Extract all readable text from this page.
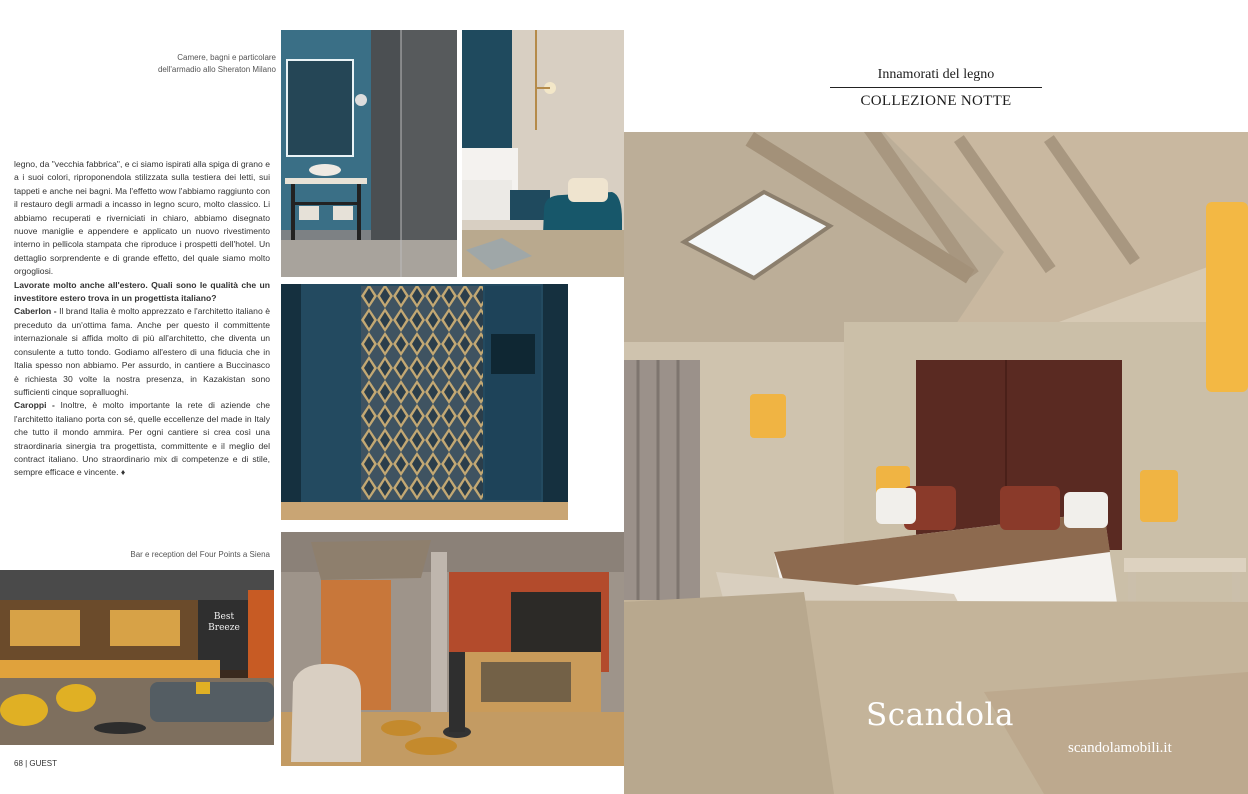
Camere, bagni e particolare
dell'armadio allo Sheraton Milano

legno, da "vecchia fabbrica", e ci siamo ispirati alla spiga di grano e a i suoi colori, riproponendola stilizzata sulla testiera dei letti, sui tappeti e anche nei bagni. Ma l'effetto wow l'abbiamo raggiunto con il restauro degli armadi a incasso in legno scuro, molto classico. Li abbiamo recuperati e riverniciati in chiaro, abbiamo disegnato nuove maniglie e appendere e applicato un nuovo rivestimento interno in pellicola stampata che riproduce i prospetti dell'hotel. Un dettaglio sorprendente e di grande effetto, del quale siamo molto orgogliosi.

Lavorate molto anche all'estero. Quali sono le qualità che un investitore estero trova in un progettista italiano?

Caberlon - Il brand Italia è molto apprezzato e l'architetto italiano è preceduto da un'ottima fama. Anche per questo il committente internazionale si affida molto di più all'architetto, che diventa un consulente a tutto tondo. Godiamo all'estero di una fiducia che in Italia spesso non abbiamo. Per assurdo, in cantiere a Buccinasco è richiesta 30 volte la nostra presenza, in Kazakistan sono sufficienti cinque sopralluoghi.

Caroppi - Inoltre, è molto importante la rete di aziende che l'architetto italiano porta con sé, quelle eccellenze del made in Italy che tutto il mondo ammira. Per ogni cantiere si crea così una straordinaria sinergia tra progettista, committente e il meglio del contract italiano. Uno straordinario mix di competenze e di stile, sempre efficace e vincente. ♦

Bar e reception del Four Points a Siena
Best
Breeze
68 | GUEST
Innamorati del legno
COLLEZIONE NOTTE
Scandola
scandolamobili.it
